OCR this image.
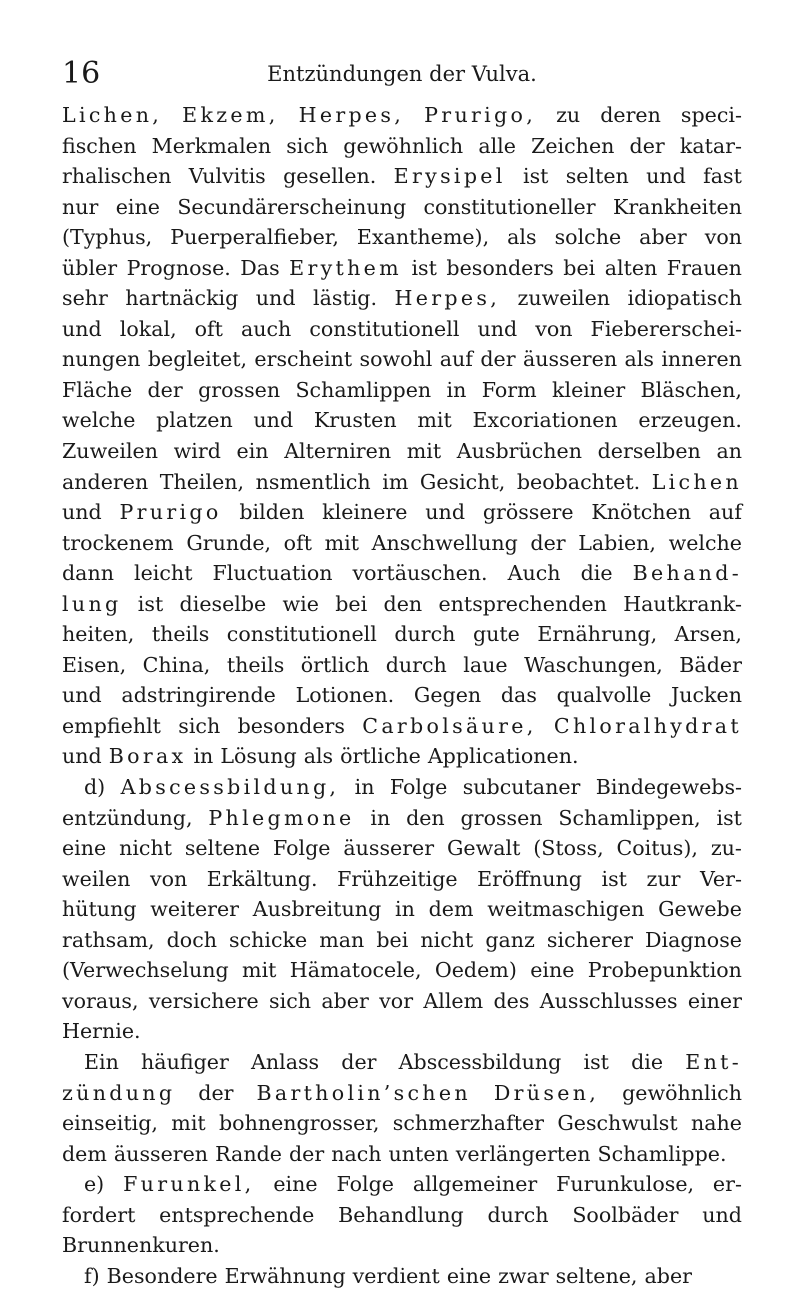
16	Entzündungen der Vulva.
Lichen, Ekzem, Herpes, Prurigo, zu deren speci-
fischen Merkmalen sich gewöhnlich alle Zeichen der katar-
rhalischen Vulvitis gesellen. Erysipel ist selten und fast
nur eine Secundärerscheinung constitutioneller Krankheiten
(Typhus, Puerperalfieber, Exantheme), als solche aber von
übler Prognose. Das Erythem ist besonders bei alten Frauen
sehr hartnäckig und lästig. Herpes, zuweilen idiopatisch
und lokal, oft auch constitutionell und von Fiebererschei-
nungen begleitet, erscheint sowohl auf der äusseren als inneren
Fläche der grossen Schamlippen in Form kleiner Bläschen,
welche platzen und Krusten mit Excoriationen erzeugen.
Zuweilen wird ein Alterniren mit Ausbrüchen derselben an
anderen Theilen, nsmentlich im Gesicht, beobachtet. Lichen
und Prurigo bilden kleinere und grössere Knötchen auf
trockenem Grunde, oft mit Anschwellung der Labien, welche
dann leicht Fluctuation vortäuschen. Auch die Behand-
lung ist dieselbe wie bei den entsprechenden Hautkrank-
heiten, theils constitutionell durch gute Ernährung, Arsen,
Eisen, China, theils örtlich durch laue Waschungen, Bäder
und adstringirende Lotionen. Gegen das qualvolle Jucken
empfiehlt sich besonders Carbolsäure, Chloralhydrat
und Borax in Lösung als örtliche Applicationen.
d) Abscessbildung, in Folge subcutaner Bindegewebs-
entzündung, Phlegmone in den grossen Schamlippen, ist
eine nicht seltene Folge äusserer Gewalt (Stoss, Coitus), zu-
weilen von Erkältung. Frühzeitige Eröffnung ist zur Ver-
hütung weiterer Ausbreitung in dem weitmaschigen Gewebe
rathsam, doch schicke man bei nicht ganz sicherer Diagnose
(Verwechselung mit Hämatocele, Oedem) eine Probepunktion
voraus, versichere sich aber vor Allem des Ausschlusses einer
Hernie.
Ein häufiger Anlass der Abscessbildung ist die Ent-
zündung der Bartholin’schen Drüsen, gewöhnlich
einseitig, mit bohnengrosser, schmerzhafter Geschwulst nahe
dem äusseren Rande der nach unten verlängerten Schamlippe.
e) Furunkel, eine Folge allgemeiner Furunkulose, er-
fordert entsprechende Behandlung durch Soolbäder und
Brunnenkuren.
f) Besondere Erwähnung verdient eine zwar seltene, aber
